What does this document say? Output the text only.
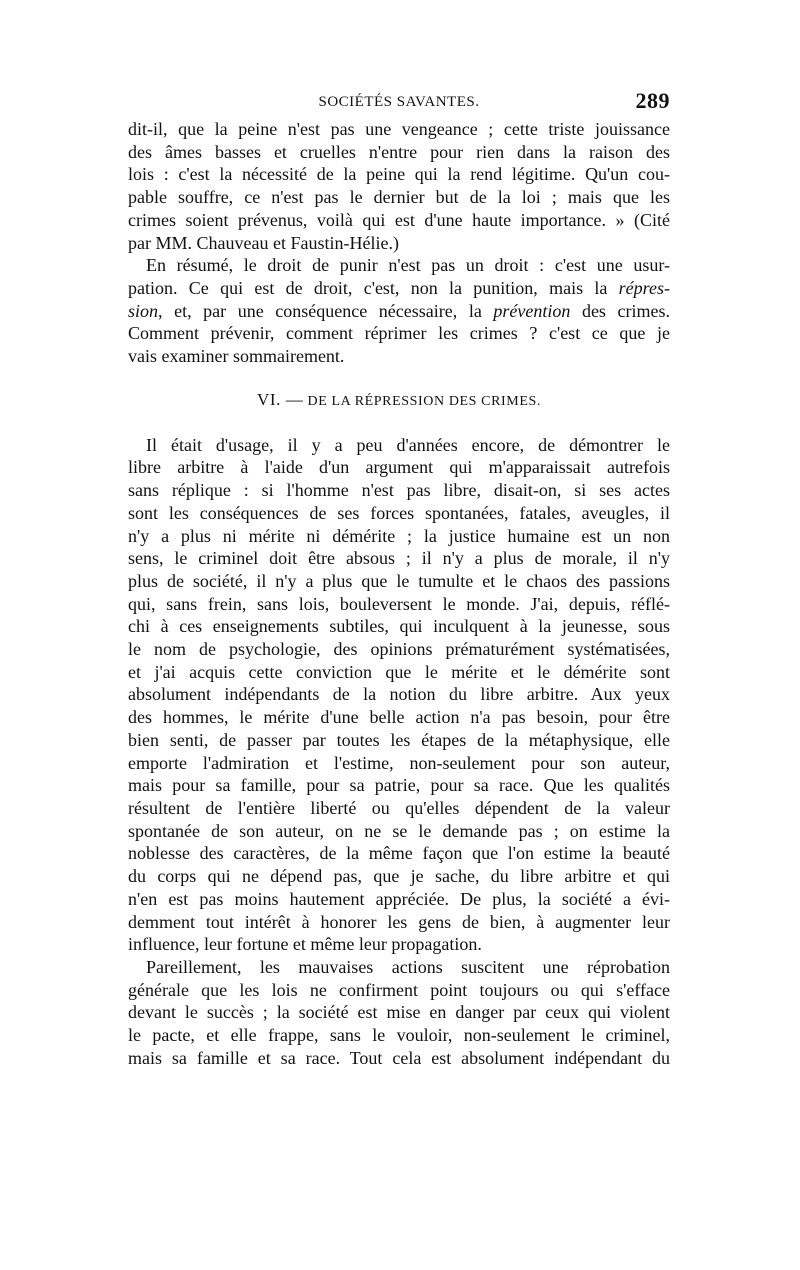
SOCIÉTÉS SAVANTES.	289

dit-il, que la peine n'est pas une vengeance ; cette triste jouissance
des âmes basses et cruelles n'entre pour rien dans la raison des
lois : c'est la nécessité de la peine qui la rend légitime. Qu'un cou-
pable souffre, ce n'est pas le dernier but de la loi ; mais que les
crimes soient prévenus, voilà qui est d'une haute importance. » (Cité
par MM. Chauveau et Faustin-Hélie.)

En résumé, le droit de punir n'est pas un droit : c'est une usur-
pation. Ce qui est de droit, c'est, non la punition, mais la répres-
sion, et, par une conséquence nécessaire, la prévention des crimes.
Comment prévenir, comment réprimer les crimes ? c'est ce que je
vais examiner sommairement.

VI. — DE LA RÉPRESSION DES CRIMES.

Il était d'usage, il y a peu d'années encore, de démontrer le
libre arbitre à l'aide d'un argument qui m'apparaissait autrefois
sans réplique : si l'homme n'est pas libre, disait-on, si ses actes
sont les conséquences de ses forces spontanées, fatales, aveugles, il
n'y a plus ni mérite ni démérite ; la justice humaine est un non
sens, le criminel doit être absous ; il n'y a plus de morale, il n'y
plus de société, il n'y a plus que le tumulte et le chaos des passions
qui, sans frein, sans lois, bouleversent le monde. J'ai, depuis, réflé-
chi à ces enseignements subtiles, qui inculquent à la jeunesse, sous
le nom de psychologie, des opinions prématurément systématisées,
et j'ai acquis cette conviction que le mérite et le démérite sont
absolument indépendants de la notion du libre arbitre. Aux yeux
des hommes, le mérite d'une belle action n'a pas besoin, pour être
bien senti, de passer par toutes les étapes de la métaphysique, elle
emporte l'admiration et l'estime, non-seulement pour son auteur,
mais pour sa famille, pour sa patrie, pour sa race. Que les qualités
résultent de l'entière liberté ou qu'elles dépendent de la valeur
spontanée de son auteur, on ne se le demande pas ; on estime la
noblesse des caractères, de la même façon que l'on estime la beauté
du corps qui ne dépend pas, que je sache, du libre arbitre et qui
n'en est pas moins hautement appréciée. De plus, la société a évi-
demment tout intérêt à honorer les gens de bien, à augmenter leur
influence, leur fortune et même leur propagation.

Pareillement, les mauvaises actions suscitent une réprobation
générale que les lois ne confirment point toujours ou qui s'efface
devant le succès ; la société est mise en danger par ceux qui violent
le pacte, et elle frappe, sans le vouloir, non-seulement le criminel,
mais sa famille et sa race. Tout cela est absolument indépendant du
